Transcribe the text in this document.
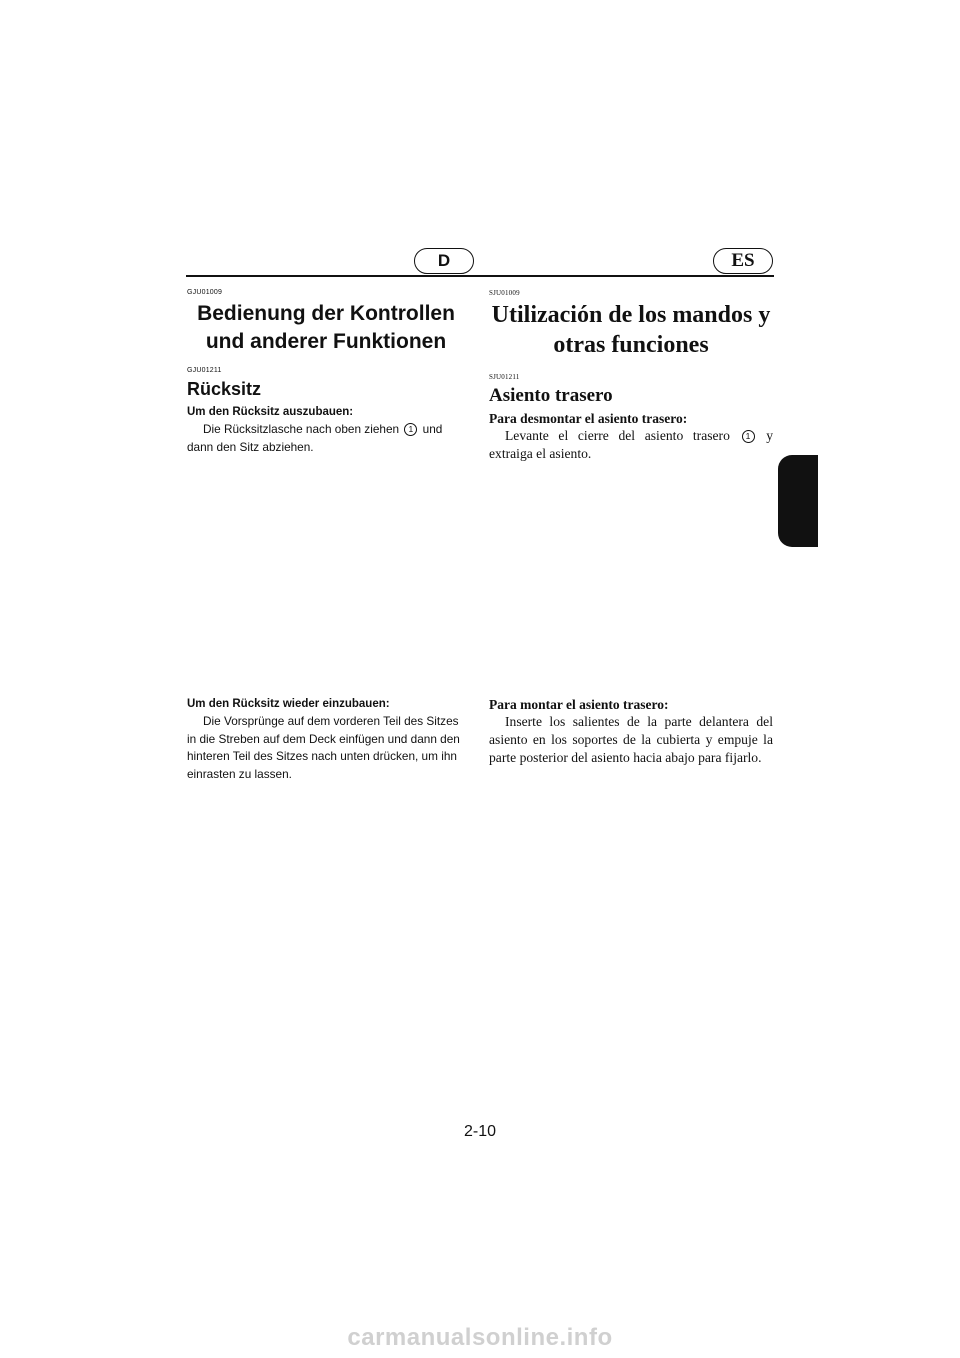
D	ES

GJU01009

Bedienung der Kontrollen und anderer Funktionen

GJU01211

Rücksitz

Um den Rücksitz auszubauen:

Die Rücksitzlasche nach oben ziehen 1 und dann den Sitz abziehen.

Um den Rücksitz wieder einzubauen:

Die Vorsprünge auf dem vorderen Teil des Sitzes in die Streben auf dem Deck einfügen und dann den hinteren Teil des Sitzes nach unten drücken, um ihn einrasten zu lassen.

SJU01009

Utilización de los mandos y otras funciones

SJU01211

Asiento trasero

Para desmontar el asiento trasero:

Levante el cierre del asiento trasero 1 y extraiga el asiento.

Para montar el asiento trasero:

Inserte los salientes de la parte delantera del asiento en los soportes de la cubierta y empuje la parte posterior del asiento hacia abajo para fijarlo.

2-10
carmanualsonline.info
